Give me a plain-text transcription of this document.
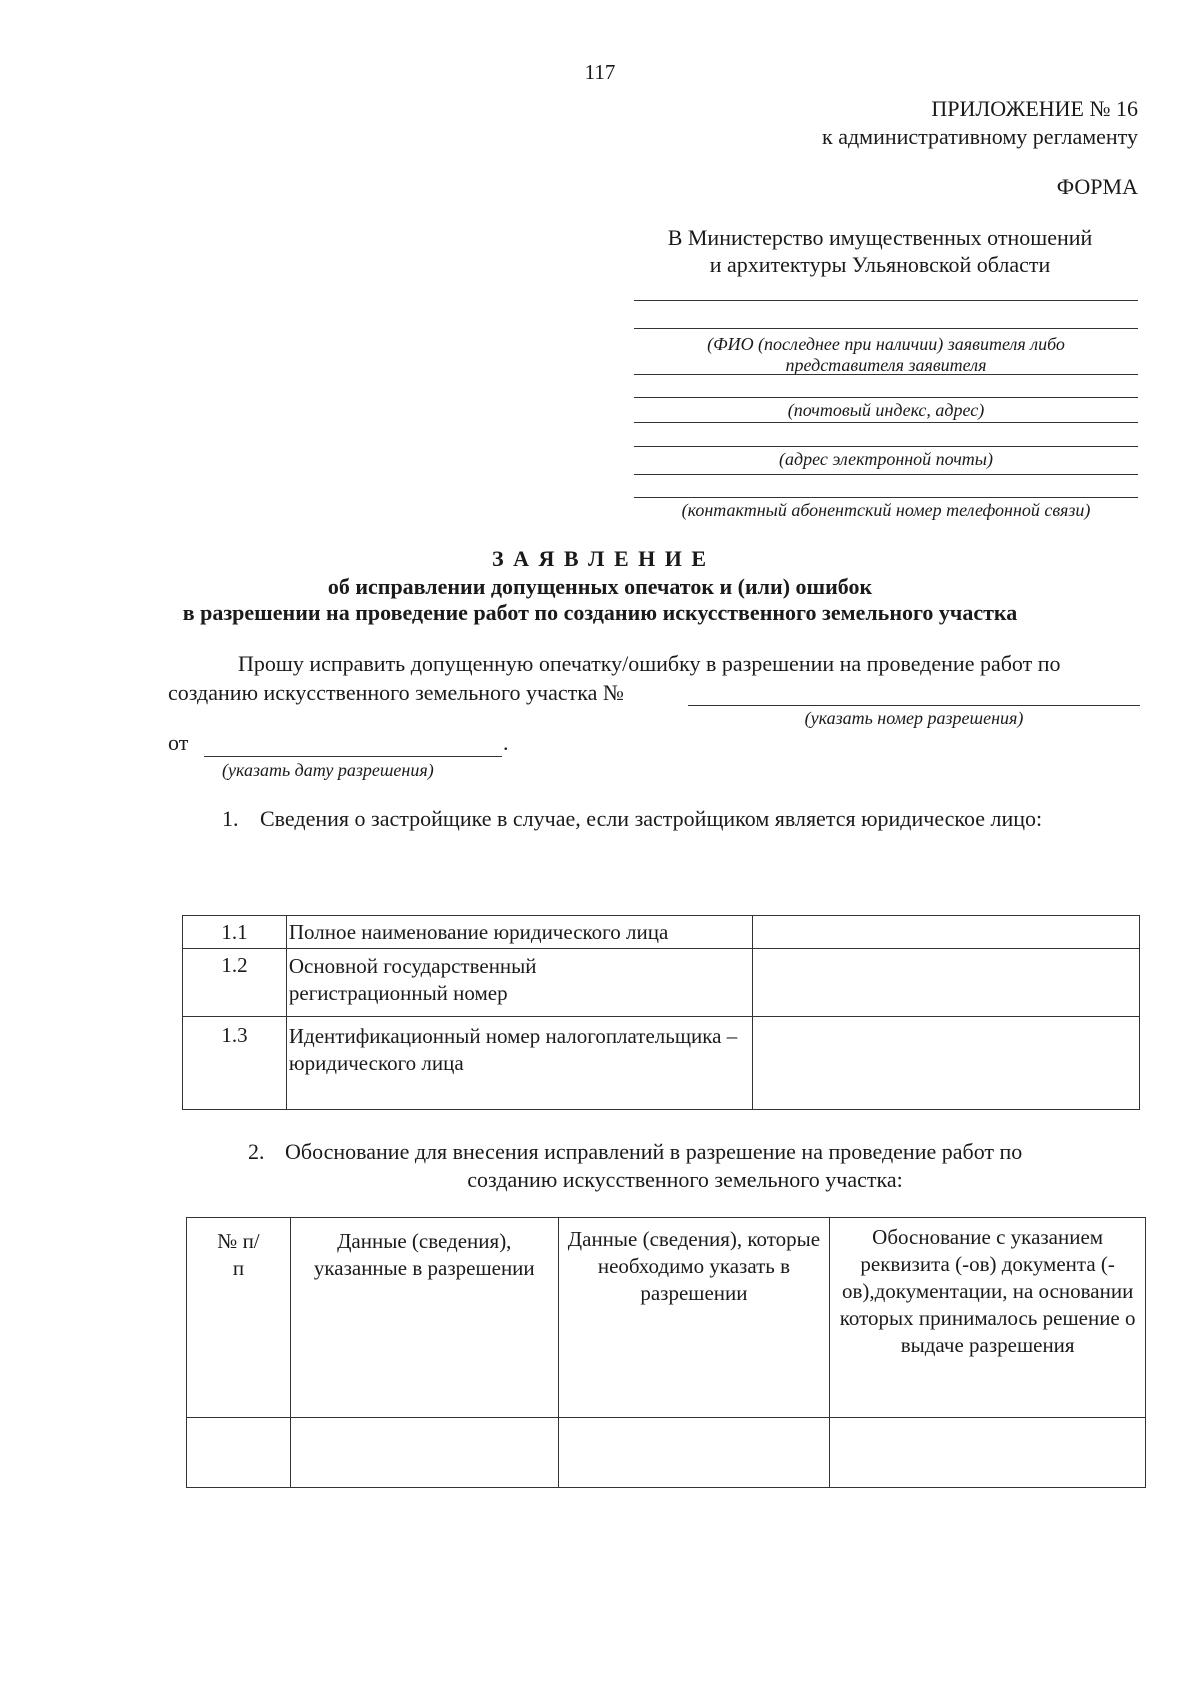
117
ПРИЛОЖЕНИЕ № 16
к административному регламенту
ФОРМА
В Министерство имущественных отношений
и архитектуры Ульяновской области
(ФИО (последнее при наличии) заявителя либо
представителя заявителя
(почтовый индекс, адрес)
(адрес электронной почты)
(контактный абонентский номер телефонной связи)
З А Я В Л Е Н И Е
об исправлении допущенных опечаток и (или) ошибок
в разрешении на проведение работ по созданию искусственного земельного участка
Прошу исправить допущенную опечатку/ошибку в разрешении на проведение работ по
созданию искусственного земельного участка №
(указать номер разрешения)
от	.
(указать дату разрешения)
1. Сведения о застройщике в случае, если застройщиком является юридическое лицо:
1.1	Полное наименование юридического лица	
1.2	Основной государственный регистрационный номер	
1.3	Идентификационный номер налогоплательщика – юридического лица	
2. Обоснование для внесения исправлений в разрешение на проведение работ по
созданию искусственного земельного участка:
№ п/п	Данные (сведения), указанные в разрешении	Данные (сведения), которые необходимо указать в разрешении	Обоснование с указанием реквизита (-ов) документа (-ов),документации, на основании которых принималось решение о выдаче разрешения
